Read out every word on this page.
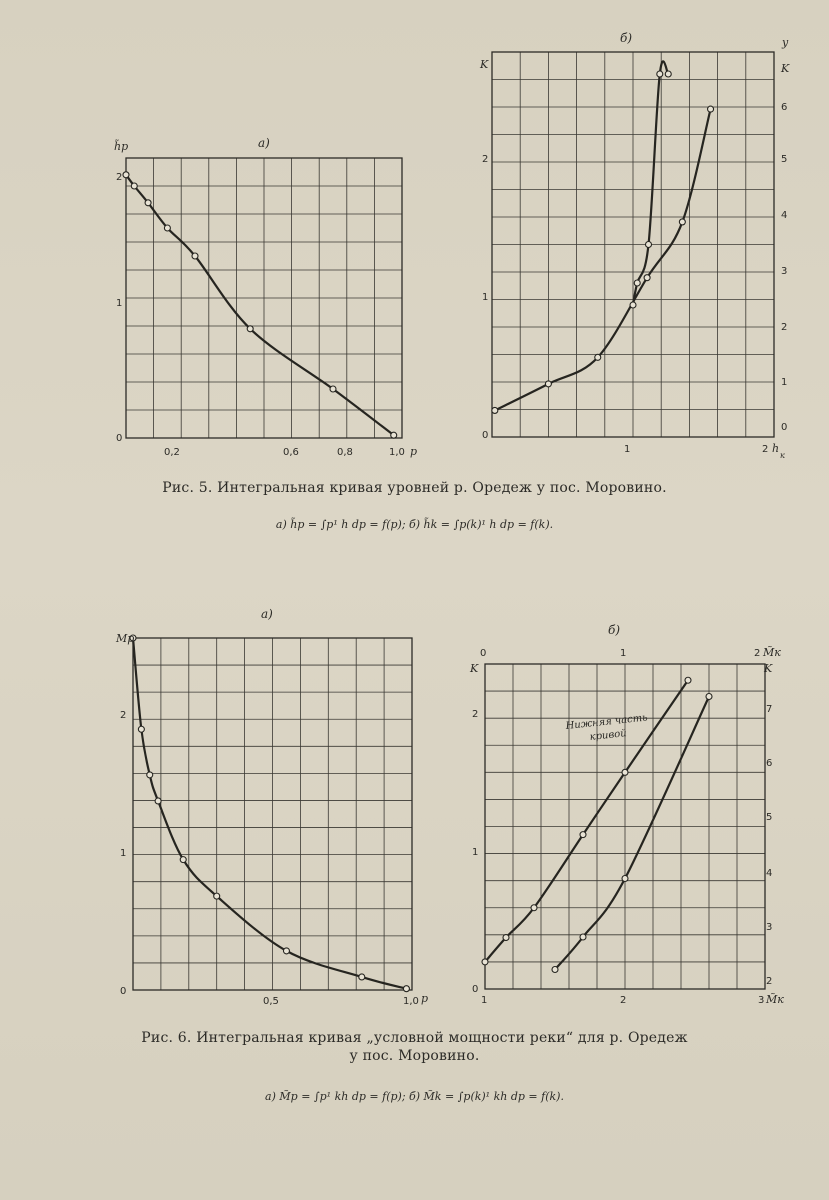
а)
h̃p
2
1
0
0,2	0,6	0,8	1,0 p
б)
K
y
K
2
1
0
0
1
2
3
4
5
6
1	2 h
к
а)
Mp
2
1
0
0,5	1,0 p
б)
Нижняя часть
кривой
0	1	2 M̃к
K	K
2
1
0
2
3
4
5
6
7
1	2	3 M̃к
Рис. 5. Интегральная кривая уровней р. Оредеж у пос. Моровино.
а) h̃p = ∫p¹ h dp = f(p); б) h̃k = ∫p(k)¹ h dp = f(k).
Рис. 6. Интегральная кривая „условной мощности реки“ для р. Оредеж
у пос. Моровино.
а) M̃p = ∫p¹ kh dp = f(p); б) M̃k = ∫p(k)¹ kh dp = f(k).
